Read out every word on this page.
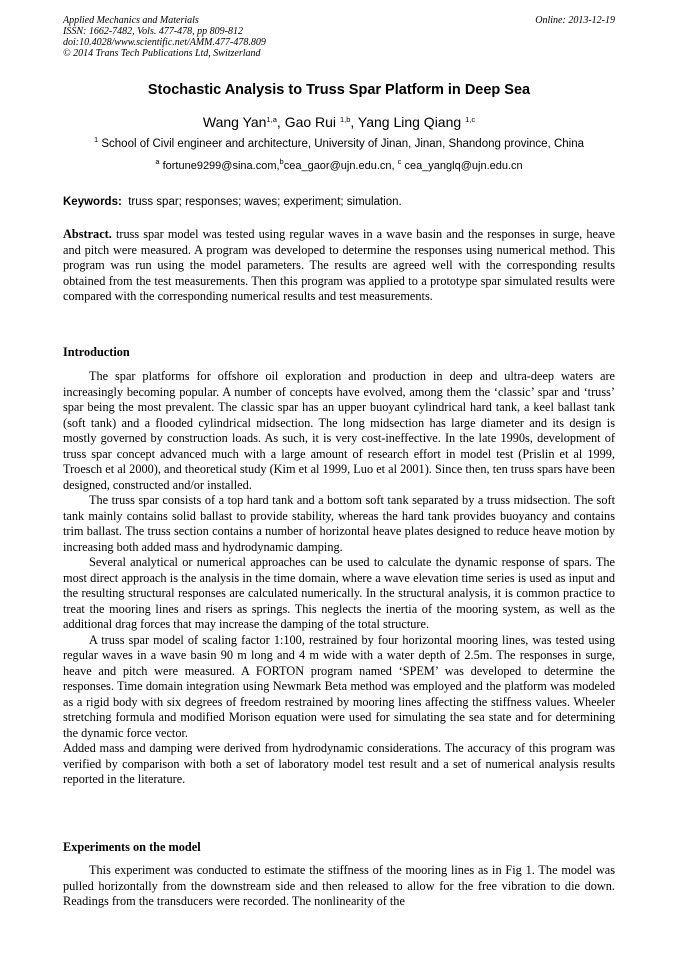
Applied Mechanics and Materials
ISSN: 1662-7482, Vols. 477-478, pp 809-812
doi:10.4028/www.scientific.net/AMM.477-478.809
© 2014 Trans Tech Publications Ltd, Switzerland
Online: 2013-12-19
Stochastic Analysis to Truss Spar Platform in Deep Sea
Wang Yan$^{1,a}$, Gao Rui $^{1,b}$, Yang Ling Qiang $^{1,c}$
$^1$ School of Civil engineer and architecture, University of Jinan, Jinan, Shandong province, China
$^a$ fortune9299@sina.com,$^b$cea_gaor@ujn.edu.cn, $^c$ cea_yanglq@ujn.edu.cn
Keywords: truss spar; responses; waves; experiment; simulation.

Abstract. truss spar model was tested using regular waves in a wave basin and the responses in surge, heave and pitch were measured. A program was developed to determine the responses using numerical method. This program was run using the model parameters. The results are agreed well with the corresponding results obtained from the test measurements. Then this program was applied to a prototype spar simulated results were compared with the corresponding numerical results and test measurements.

Introduction

The spar platforms for offshore oil exploration and production in deep and ultra-deep waters are increasingly becoming popular. A number of concepts have evolved, among them the ‘classic’ spar and ‘truss’ spar being the most prevalent. The classic spar has an upper buoyant cylindrical hard tank, a keel ballast tank (soft tank) and a flooded cylindrical midsection. The long midsection has large diameter and its design is mostly governed by construction loads. As such, it is very cost-ineffective. In the late 1990s, development of truss spar concept advanced much with a large amount of research effort in model test (Prislin et al 1999, Troesch et al 2000), and theoretical study (Kim et al 1999, Luo et al 2001). Since then, ten truss spars have been designed, constructed and/or installed.

The truss spar consists of a top hard tank and a bottom soft tank separated by a truss midsection. The soft tank mainly contains solid ballast to provide stability, whereas the hard tank provides buoyancy and contains trim ballast. The truss section contains a number of horizontal heave plates designed to reduce heave motion by increasing both added mass and hydrodynamic damping.

Several analytical or numerical approaches can be used to calculate the dynamic response of spars. The most direct approach is the analysis in the time domain, where a wave elevation time series is used as input and the resulting structural responses are calculated numerically. In the structural analysis, it is common practice to treat the mooring lines and risers as springs. This neglects the inertia of the mooring system, as well as the additional drag forces that may increase the damping of the total structure.

A truss spar model of scaling factor 1:100, restrained by four horizontal mooring lines, was tested using regular waves in a wave basin 90 m long and 4 m wide with a water depth of 2.5m. The responses in surge, heave and pitch were measured. A FORTON program named ‘SPEM’ was developed to determine the responses. Time domain integration using Newmark Beta method was employed and the platform was modeled as a rigid body with six degrees of freedom restrained by mooring lines affecting the stiffness values. Wheeler stretching formula and modified Morison equation were used for simulating the sea state and for determining the dynamic force vector.

Added mass and damping were derived from hydrodynamic considerations. The accuracy of this program was verified by comparison with both a set of laboratory model test result and a set of numerical analysis results reported in the literature.

Experiments on the model

This experiment was conducted to estimate the stiffness of the mooring lines as in Fig 1. The model was pulled horizontally from the downstream side and then released to allow for the free vibration to die down. Readings from the transducers were recorded. The nonlinearity of the
